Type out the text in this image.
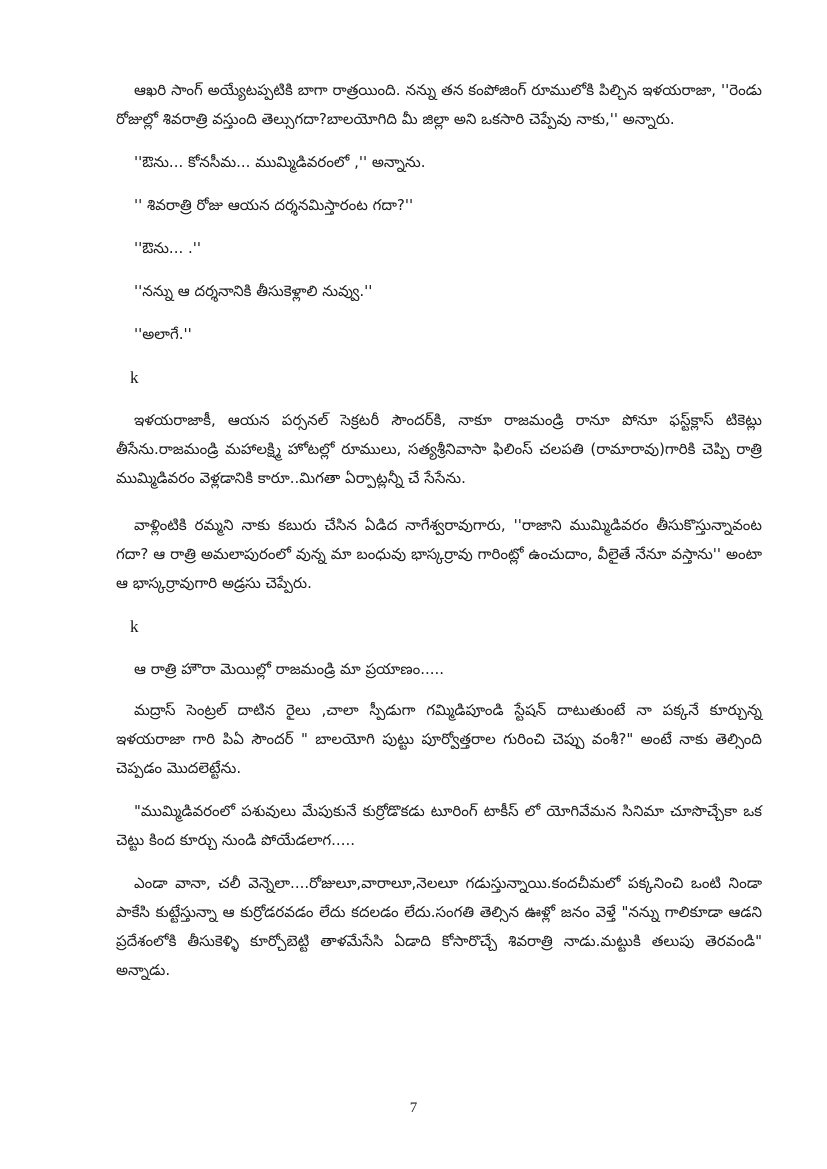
ఆఖరి సాంగ్ అయ్యేటప్పటికి బాగా రాత్రయింది. నన్ను తన కంపోజింగ్ రూములోకి పిల్చిన ఇళయరాజా, ''రెండు రోజుల్లో శివరాత్రి వస్తుంది తెల్సుగదా?బాలయోగిది మీ జిల్లా అని ఒకసారి చెప్పేవు నాకు,'' అన్నారు.

''ఔను... కోనసీమ... ముమ్మిడివరంలో ,'' అన్నాను.

'' శివరాత్రి రోజు ఆయన దర్శనమిస్తారంట గదా?''

''ఔను... .''

''నన్ను ఆ దర్శనానికి తీసుకెళ్లాలి నువ్వు.''

''అలాగే.''

k

ఇళయరాజాకీ, ఆయన పర్సనల్ సెక్రటరీ సౌందర్‌కి, నాకూ రాజమండ్రి రానూ పోనూ ఫస్ట్‌క్లాస్ టికెట్లు తీసేను.రాజమండ్రి మహాలక్ష్మి హోటల్లో రూములు, సత్యశ్రీనివాసా ఫిలింస్ చలపతి (రామారావు)గారికి చెప్పి రాత్రి ముమ్మిడివరం వెళ్లడానికి కారూ..మిగతా ఏర్పాట్లన్నీ చే సేసేను.

వాళ్లింటికి రమ్మని నాకు కబురు చేసిన ఏడిద నాగేశ్వరావుగారు, ''రాజాని ముమ్మిడివరం తీసుకొస్తున్నావంట గదా? ఆ రాత్రి అమలాపురంలో వున్న మా బంధువు భాస్కర్రావు గారింట్లో ఉంచుదాం, వీలైతే నేనూ వస్తాను'' అంటా ఆ భాస్కర్రావుగారి అడ్రసు చెప్పేరు.

k

ఆ రాత్రి హౌరా మెయిల్లో రాజమండ్రి మా ప్రయాణం.....

మద్రాస్ సెంట్రల్ దాటిన రైలు ,చాలా స్పీడుగా గమ్మిడిపూండి స్టేషన్ దాటుతుంటే నా పక్కనే కూర్చున్న ఇళయరాజా గారి పిఏ సౌందర్ " బాలయోగి పుట్టు పూర్వోత్తరాల గురించి చెప్పు వంశీ?" అంటే నాకు తెల్సింది చెప్పడం మొదలెట్టేను.

"ముమ్మిడివరంలో పశువులు మేపుకునే కుర్రోడొకడు టూరింగ్ టాకీస్ లో యోగివేమన సినిమా చూసొచ్చేకా ఒక చెట్టు కింద కూర్చు నుండి పోయేడలాగ.....

ఎండా వానా, చలీ వెన్నెలా....రోజులూ,వారాలూ,నెలలూ గడుస్తున్నాయి.కందచీమలో పక్కనించి ఒంటి నిండా పాకేసి కుట్టేస్తున్నా ఆ కుర్రోడరవడం లేదు కదలడం లేదు.సంగతి తెల్సిన ఊళ్లో జనం వెళ్తే "నన్ను గాలికూడా ఆడని ప్రదేశంలోకి తీసుకెళ్ళి కూర్చోబెట్టి తాళమేసేసి ఏడాది కోసారొచ్చే శివరాత్రి నాడు.మట్టుకి తలుపు తెరవండి" అన్నాడు.

7
